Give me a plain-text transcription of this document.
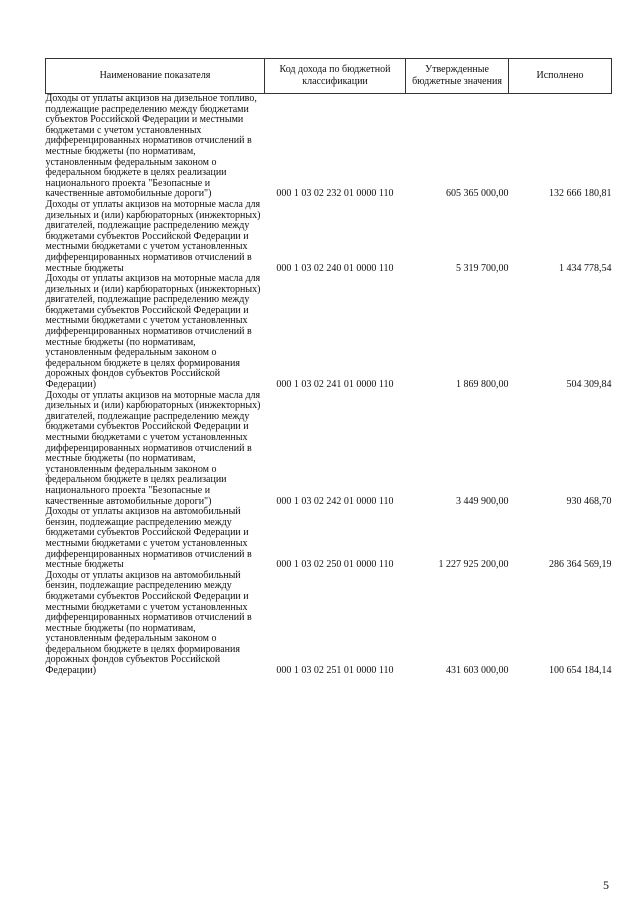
Наименование показателя	Код дохода по бюджетной классификации	Утвержденные бюджетные значения	Исполнено
Доходы от уплаты акцизов на дизельное топливо, подлежащие распределению между бюджетами субъектов Российской Федерации и местными бюджетами с учетом установленных дифференцированных нормативов отчислений в местные бюджеты (по нормативам, установленным федеральным законом о федеральном бюджете в целях реализации национального проекта "Безопасные и качественные автомобильные дороги")	000 1 03 02 232 01 0000 110	605 365 000,00	132 666 180,81
Доходы от уплаты акцизов на моторные масла для дизельных и (или) карбюраторных (инжекторных) двигателей, подлежащие распределению между бюджетами субъектов Российской Федерации и местными бюджетами с учетом установленных дифференцированных нормативов отчислений в местные бюджеты	000 1 03 02 240 01 0000 110	5 319 700,00	1 434 778,54
Доходы от уплаты акцизов на моторные масла для дизельных и (или) карбюраторных (инжекторных) двигателей, подлежащие распределению между бюджетами субъектов Российской Федерации и местными бюджетами с учетом установленных дифференцированных нормативов отчислений в местные бюджеты (по нормативам, установленным федеральным законом о федеральном бюджете в целях формирования дорожных фондов субъектов Российской Федерации)	000 1 03 02 241 01 0000 110	1 869 800,00	504 309,84
Доходы от уплаты акцизов на моторные масла для дизельных и (или) карбюраторных (инжекторных) двигателей, подлежащие распределению между бюджетами субъектов Российской Федерации и местными бюджетами с учетом установленных дифференцированных нормативов отчислений в местные бюджеты (по нормативам, установленным федеральным законом о федеральном бюджете в целях реализации национального проекта "Безопасные и качественные автомобильные дороги")	000 1 03 02 242 01 0000 110	3 449 900,00	930 468,70
Доходы от уплаты акцизов на автомобильный бензин, подлежащие распределению между бюджетами субъектов Российской Федерации и местными бюджетами с учетом установленных дифференцированных нормативов отчислений в местные бюджеты	000 1 03 02 250 01 0000 110	1 227 925 200,00	286 364 569,19
Доходы от уплаты акцизов на автомобильный бензин, подлежащие распределению между бюджетами субъектов Российской Федерации и местными бюджетами с учетом установленных дифференцированных нормативов отчислений в местные бюджеты (по нормативам, установленным федеральным законом о федеральном бюджете в целях формирования дорожных фондов субъектов Российской Федерации)	000 1 03 02 251 01 0000 110	431 603 000,00	100 654 184,14
5
